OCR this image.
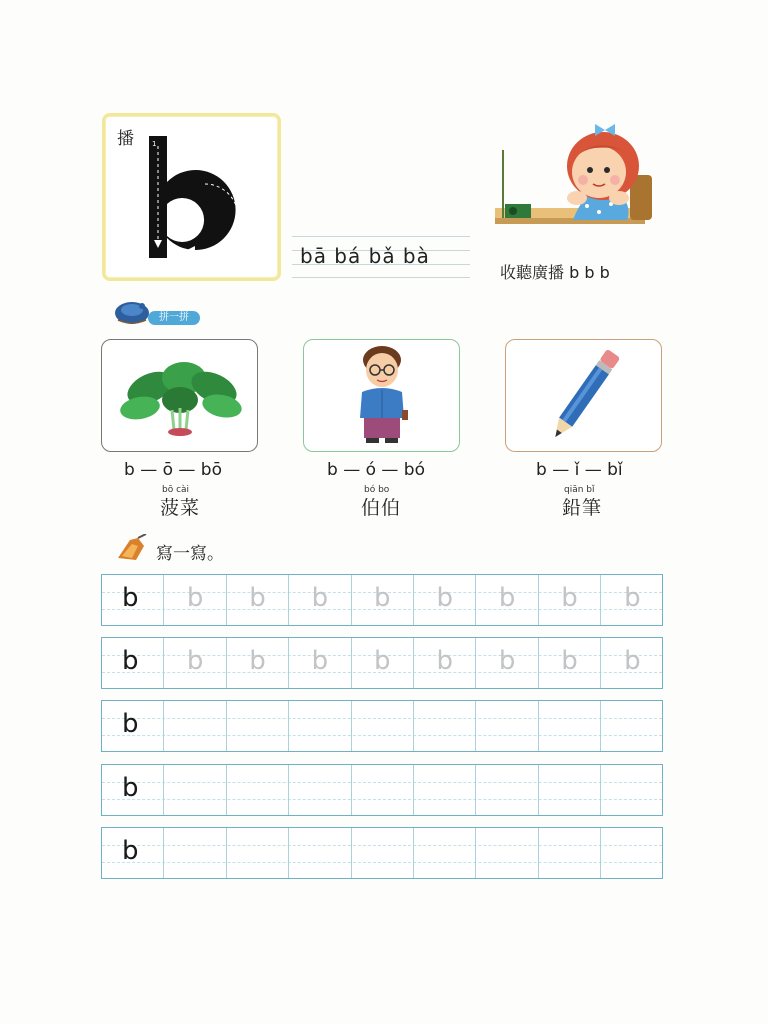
播	1
2
bā bá bǎ bà
收聽廣播 b b b
拼一拼
b — ō — bō	b — ó — bó	b — ǐ — bǐ
bō cài	bó bo	qiān bǐ
菠菜	伯伯	鉛筆
寫一寫。
b	b	b	b	b	b	b	b	b
b	b	b	b	b	b	b	b	b
b
b
b
